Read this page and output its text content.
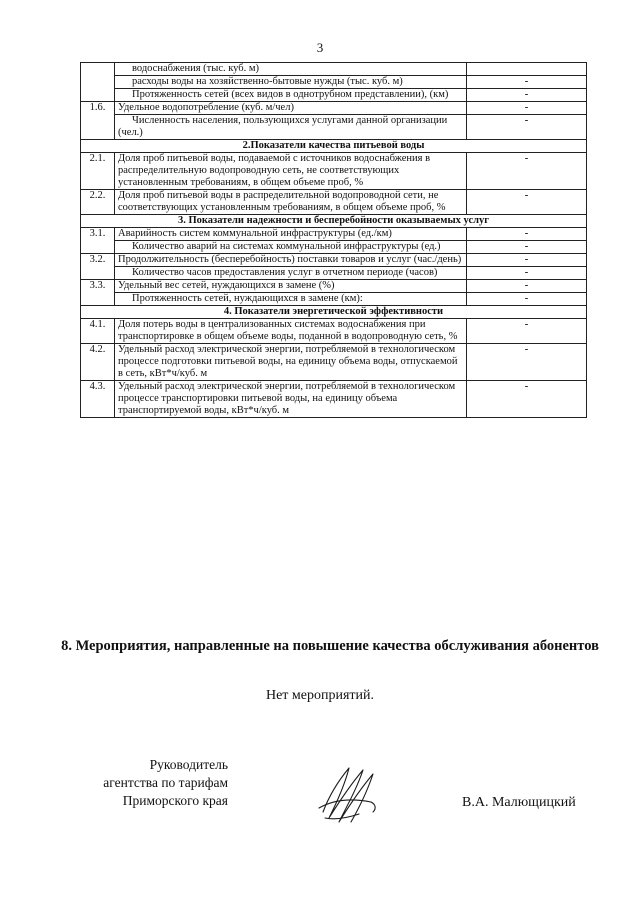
3
	водоснабжения (тыс. куб. м)	
	расходы воды на хозяйственно-бытовые нужды (тыс. куб. м)	-
	Протяженность сетей (всех видов в однотрубном представлении), (км)	-
1.6.	Удельное водопотребление (куб. м/чел)	-
	Численность населения, пользующихся услугами данной организации (чел.)	-
2.Показатели качества питьевой воды		
2.1.	Доля проб питьевой воды, подаваемой с источников водоснабжения в распределительную водопроводную сеть, не соответствующих установленным требованиям, в общем объеме проб, %	-
2.2.	Доля проб питьевой воды в распределительной водопроводной сети, не соответствующих установленным требованиям, в общем объеме проб, %	-
3. Показатели надежности и бесперебойности оказываемых услуг		
3.1.	Аварийность систем коммунальной инфраструктуры (ед./км)	-
	Количество аварий на системах коммунальной инфраструктуры (ед.)	-
3.2.	Продолжительность (бесперебойность) поставки товаров и услуг (час./день)	-
	Количество часов предоставления услуг в отчетном периоде (часов)	-
3.3.	Удельный вес сетей, нуждающихся в замене (%)	-
	Протяженность сетей, нуждающихся в замене (км):	-
4. Показатели энергетической эффективности		
4.1.	Доля потерь воды в централизованных системах водоснабжения при транспортировке в общем объеме воды, поданной в водопроводную сеть, %	-
4.2.	Удельный расход электрической энергии, потребляемой в технологическом процессе подготовки питьевой воды, на единицу объема воды, отпускаемой в сеть, кВт*ч/куб. м	-
4.3.	Удельный расход электрической энергии, потребляемой в технологическом процессе транспортировки питьевой воды, на единицу объема транспортируемой воды, кВт*ч/куб. м	-
8. Мероприятия, направленные на повышение качества обслуживания абонентов
Нет мероприятий.
Руководитель
агентства по тарифам
Приморского края	В.А. Малющицкий
